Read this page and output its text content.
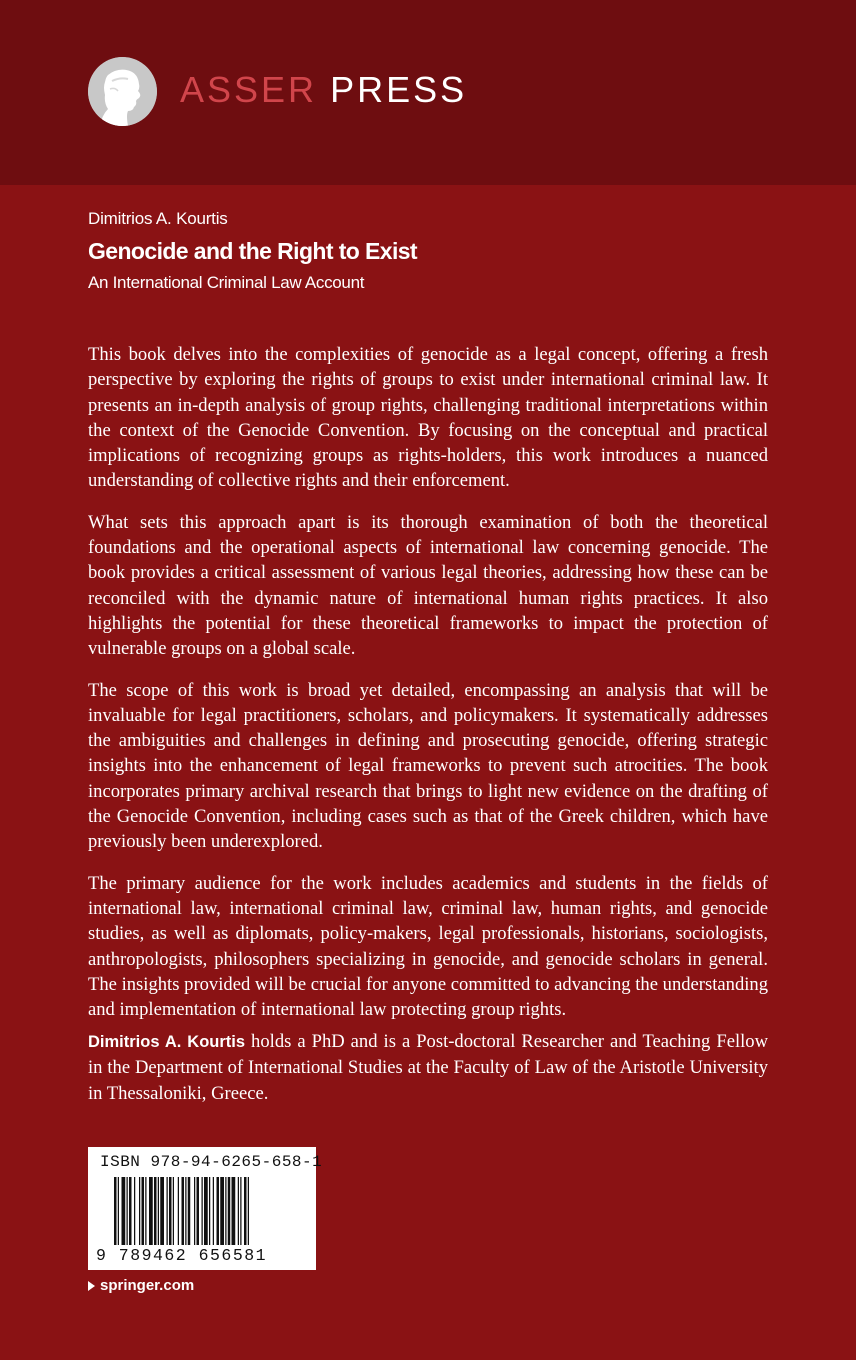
ASSER PRESS
Dimitrios A. Kourtis
Genocide and the Right to Exist
An International Criminal Law Account

This book delves into the complexities of genocide as a legal concept, offering a fresh perspective by exploring the rights of groups to exist under international criminal law. It presents an in-depth analysis of group rights, challenging traditional interpretations within the context of the Genocide Convention. By focusing on the conceptual and practical implications of recognizing groups as rights-holders, this work introduces a nuanced understanding of collective rights and their enforcement.

What sets this approach apart is its thorough examination of both the theoretical foundations and the operational aspects of international law concerning genocide. The book provides a critical assessment of various legal theories, addressing how these can be reconciled with the dynamic nature of international human rights practices. It also highlights the potential for these theoretical frameworks to impact the protection of vulnerable groups on a global scale.

The scope of this work is broad yet detailed, encompassing an analysis that will be invaluable for legal practitioners, scholars, and policymakers. It systematically addresses the ambiguities and challenges in defining and prosecuting genocide, offering strategic insights into the enhancement of legal frameworks to prevent such atrocities. The book incorporates primary archival research that brings to light new evidence on the drafting of the Genocide Convention, including cases such as that of the Greek children, which have previously been underexplored.

The primary audience for the work includes academics and students in the fields of international law, international criminal law, criminal law, human rights, and genocide studies, as well as diplomats, policy-makers, legal professionals, historians, sociologists, anthropologists, philosophers specializing in genocide, and genocide scholars in general. The insights provided will be crucial for anyone committed to advancing the understanding and implementation of international law protecting group rights.

Dimitrios A. Kourtis holds a PhD and is a Post-doctoral Researcher and Teaching Fellow in the Department of International Studies at the Faculty of Law of the Aristotle University in Thessaloniki, Greece.
ISBN 978-94-6265-658-1
9 789462 656581
springer.com
